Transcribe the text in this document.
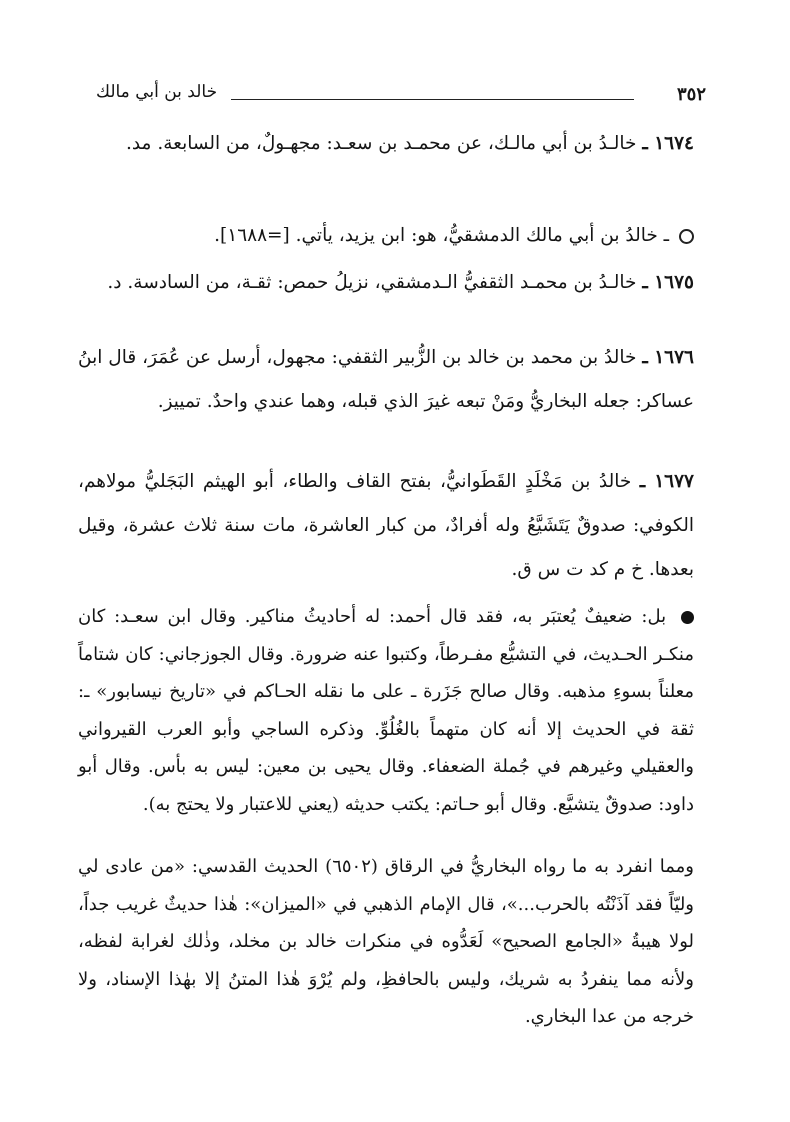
٣٥٢
خالد بن أبي مالك
١٦٧٤ ـ خالـدُ بن أبي مالـك، عن محمـد بن سعـد: مجهـولٌ، من السابعة. مد.
ـ خالدُ بن أبي مالك الدمشقيُّ، هو: ابن يزيد، يأتي. [=١٦٨٨].
١٦٧٥ ـ خالـدُ بن محمـد الثقفيُّ الـدمشقي، نزيلُ حمص: ثقـة، من السادسة. د.
١٦٧٦ ـ خالدُ بن محمد بن خالد بن الزُّبير الثقفي: مجهول، أرسل عن عُمَرَ، قال ابنُ عساكر: جعله البخاريُّ ومَنْ تبعه غيرَ الذي قبله، وهما عندي واحدٌ. تمييز.
١٦٧٧ ـ خالدُ بن مَخْلَدٍ القَطَوانيُّ، بفتح القاف والطاء، أبو الهيثم البَجَليُّ مولاهم، الكوفي: صدوقٌ يَتَشَيَّعُ وله أفرادٌ، من كبار العاشرة، مات سنة ثلاث عشرة، وقيل بعدها. خ م كد ت س ق.
بل: ضعيفٌ يُعتبَر به، فقد قال أحمد: له أحاديثُ مناكير. وقال ابن سعـد: كان منكـر الحـديث، في التشيُّع مفـرطاً، وكتبوا عنه ضرورة. وقال الجوزجاني: كان شتاماً معلناً بسوءِ مذهبه. وقال صالح جَزَرة ـ على ما نقله الحـاكم في «تاريخ نيسابور» ـ: ثقة في الحديث إلا أنه كان متهماً بالغُلُوِّ. وذكره الساجي وأبو العرب القيرواني والعقيلي وغيرهم في جُملة الضعفاء. وقال يحيى بن معين: ليس به بأس. وقال أبو داود: صدوقٌ يتشيَّع. وقال أبو حـاتم: يكتب حديثه (يعني للاعتبار ولا يحتج به).
ومما انفرد به ما رواه البخاريُّ في الرقاق (٦٥٠٢) الحديث القدسي: «من عادى لي وليّاً فقد آذَنْتُه بالحرب...»، قال الإمام الذهبي في «الميزان»: هٰذا حديثٌ غريب جداً، لولا هيبةُ «الجامع الصحيح» لَعَدُّوه في منكرات خالد بن مخلد، وذٰلك لغرابة لفظه، ولأنه مما ينفردُ به شريك، وليس بالحافظِ، ولم يُرْوَ هٰذا المتنُ إلا بهٰذا الإسناد، ولا خرجه من عدا البخاري.
